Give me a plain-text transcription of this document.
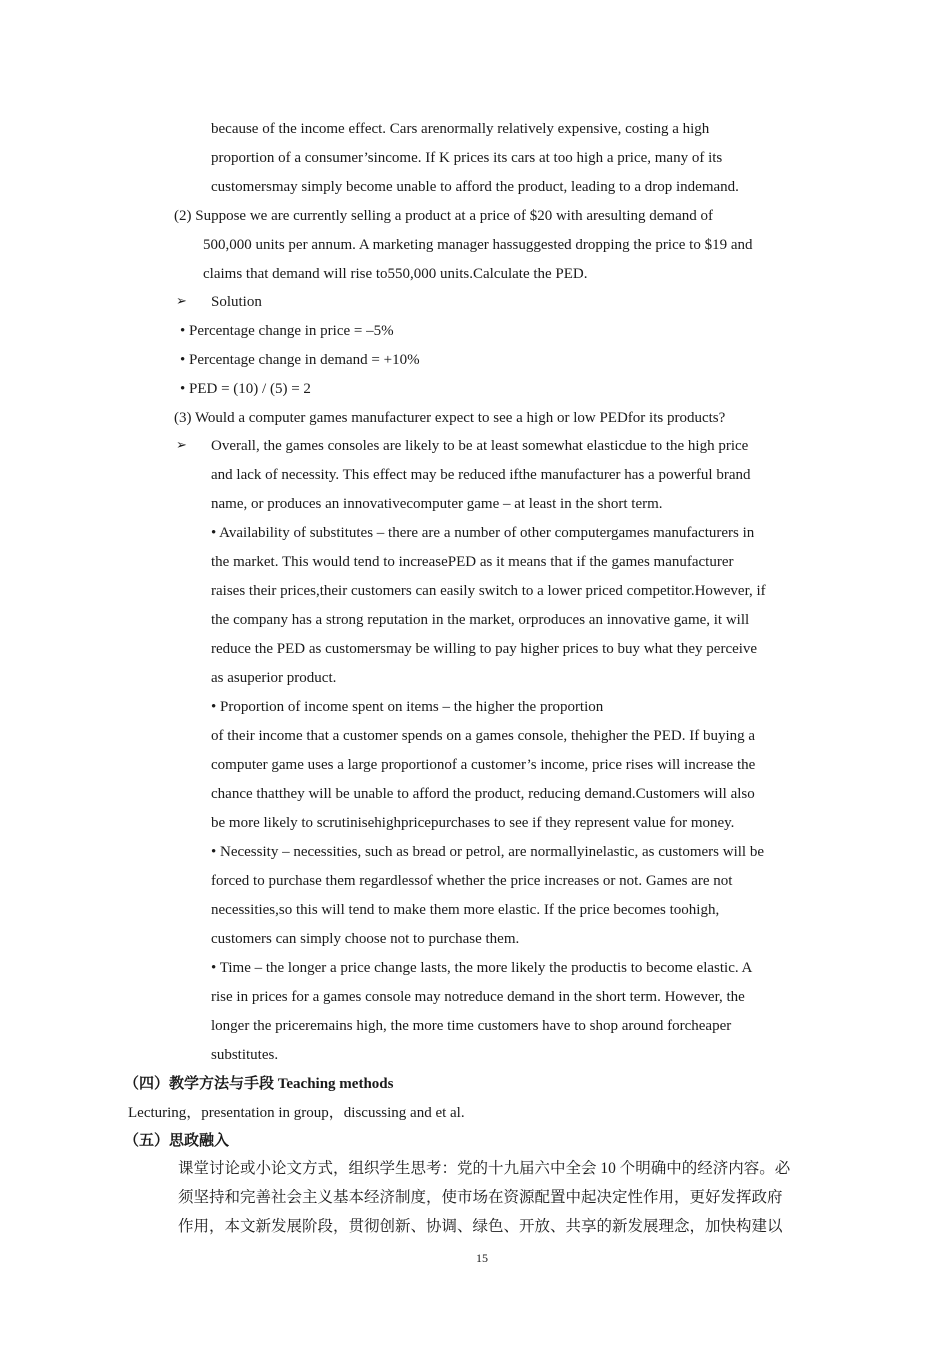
because of the income effect. Cars arenormally relatively expensive, costing a high
proportion of a consumer’sincome. If K prices its cars at too high a price, many of its
customersmay simply become unable to afford the product, leading to a drop indemand.
(2) Suppose we are currently selling a product at a price of $20 with aresulting demand of
500,000 units per annum. A marketing manager hassuggested dropping the price to $19 and
claims that demand will rise to550,000 units.Calculate the PED.
➢ Solution
• Percentage change in price = –5%
• Percentage change in demand = +10%
• PED = (10) / (5) = 2
(3) Would a computer games manufacturer expect to see a high or low PEDfor its products?
➢ Overall, the games consoles are likely to be at least somewhat elasticdue to the high price
and lack of necessity. This effect may be reduced ifthe manufacturer has a powerful brand
name, or produces an innovativecomputer game – at least in the short term.
• Availability of substitutes – there are a number of other computergames manufacturers in
the market. This would tend to increasePED as it means that if the games manufacturer
raises their prices,their customers can easily switch to a lower priced competitor.However, if
the company has a strong reputation in the market, orproduces an innovative game, it will
reduce the PED as customersmay be willing to pay higher prices to buy what they perceive
as asuperior product.
• Proportion of income spent on items – the higher the proportion
of their income that a customer spends on a games console, thehigher the PED. If buying a
computer game uses a large proportionof a customer’s income, price rises will increase the
chance thatthey will be unable to afford the product, reducing demand.Customers will also
be more likely to scrutinisehighpricepurchases to see if they represent value for money.
• Necessity – necessities, such as bread or petrol, are normallyinelastic, as customers will be
forced to purchase them regardlessof whether the price increases or not. Games are not
necessities,so this will tend to make them more elastic. If the price becomes toohigh,
customers can simply choose not to purchase them.
• Time – the longer a price change lasts, the more likely the productis to become elastic. A
rise in prices for a games console may notreduce demand in the short term. However, the
longer the priceremains high, the more time customers have to shop around forcheaper
substitutes.
（四）教学方法与手段 Teaching methods
Lecturing，presentation in group，discussing and et al.
（五）思政融入
课堂讨论或小论文方式，组织学生思考：党的十九届六中全会 10 个明确中的经济内容。必
须坚持和完善社会主义基本经济制度，使市场在资源配置中起决定性作用，更好发挥政府
作用，本文新发展阶段，贯彻创新、协调、绿色、开放、共享的新发展理念，加快构建以
15
